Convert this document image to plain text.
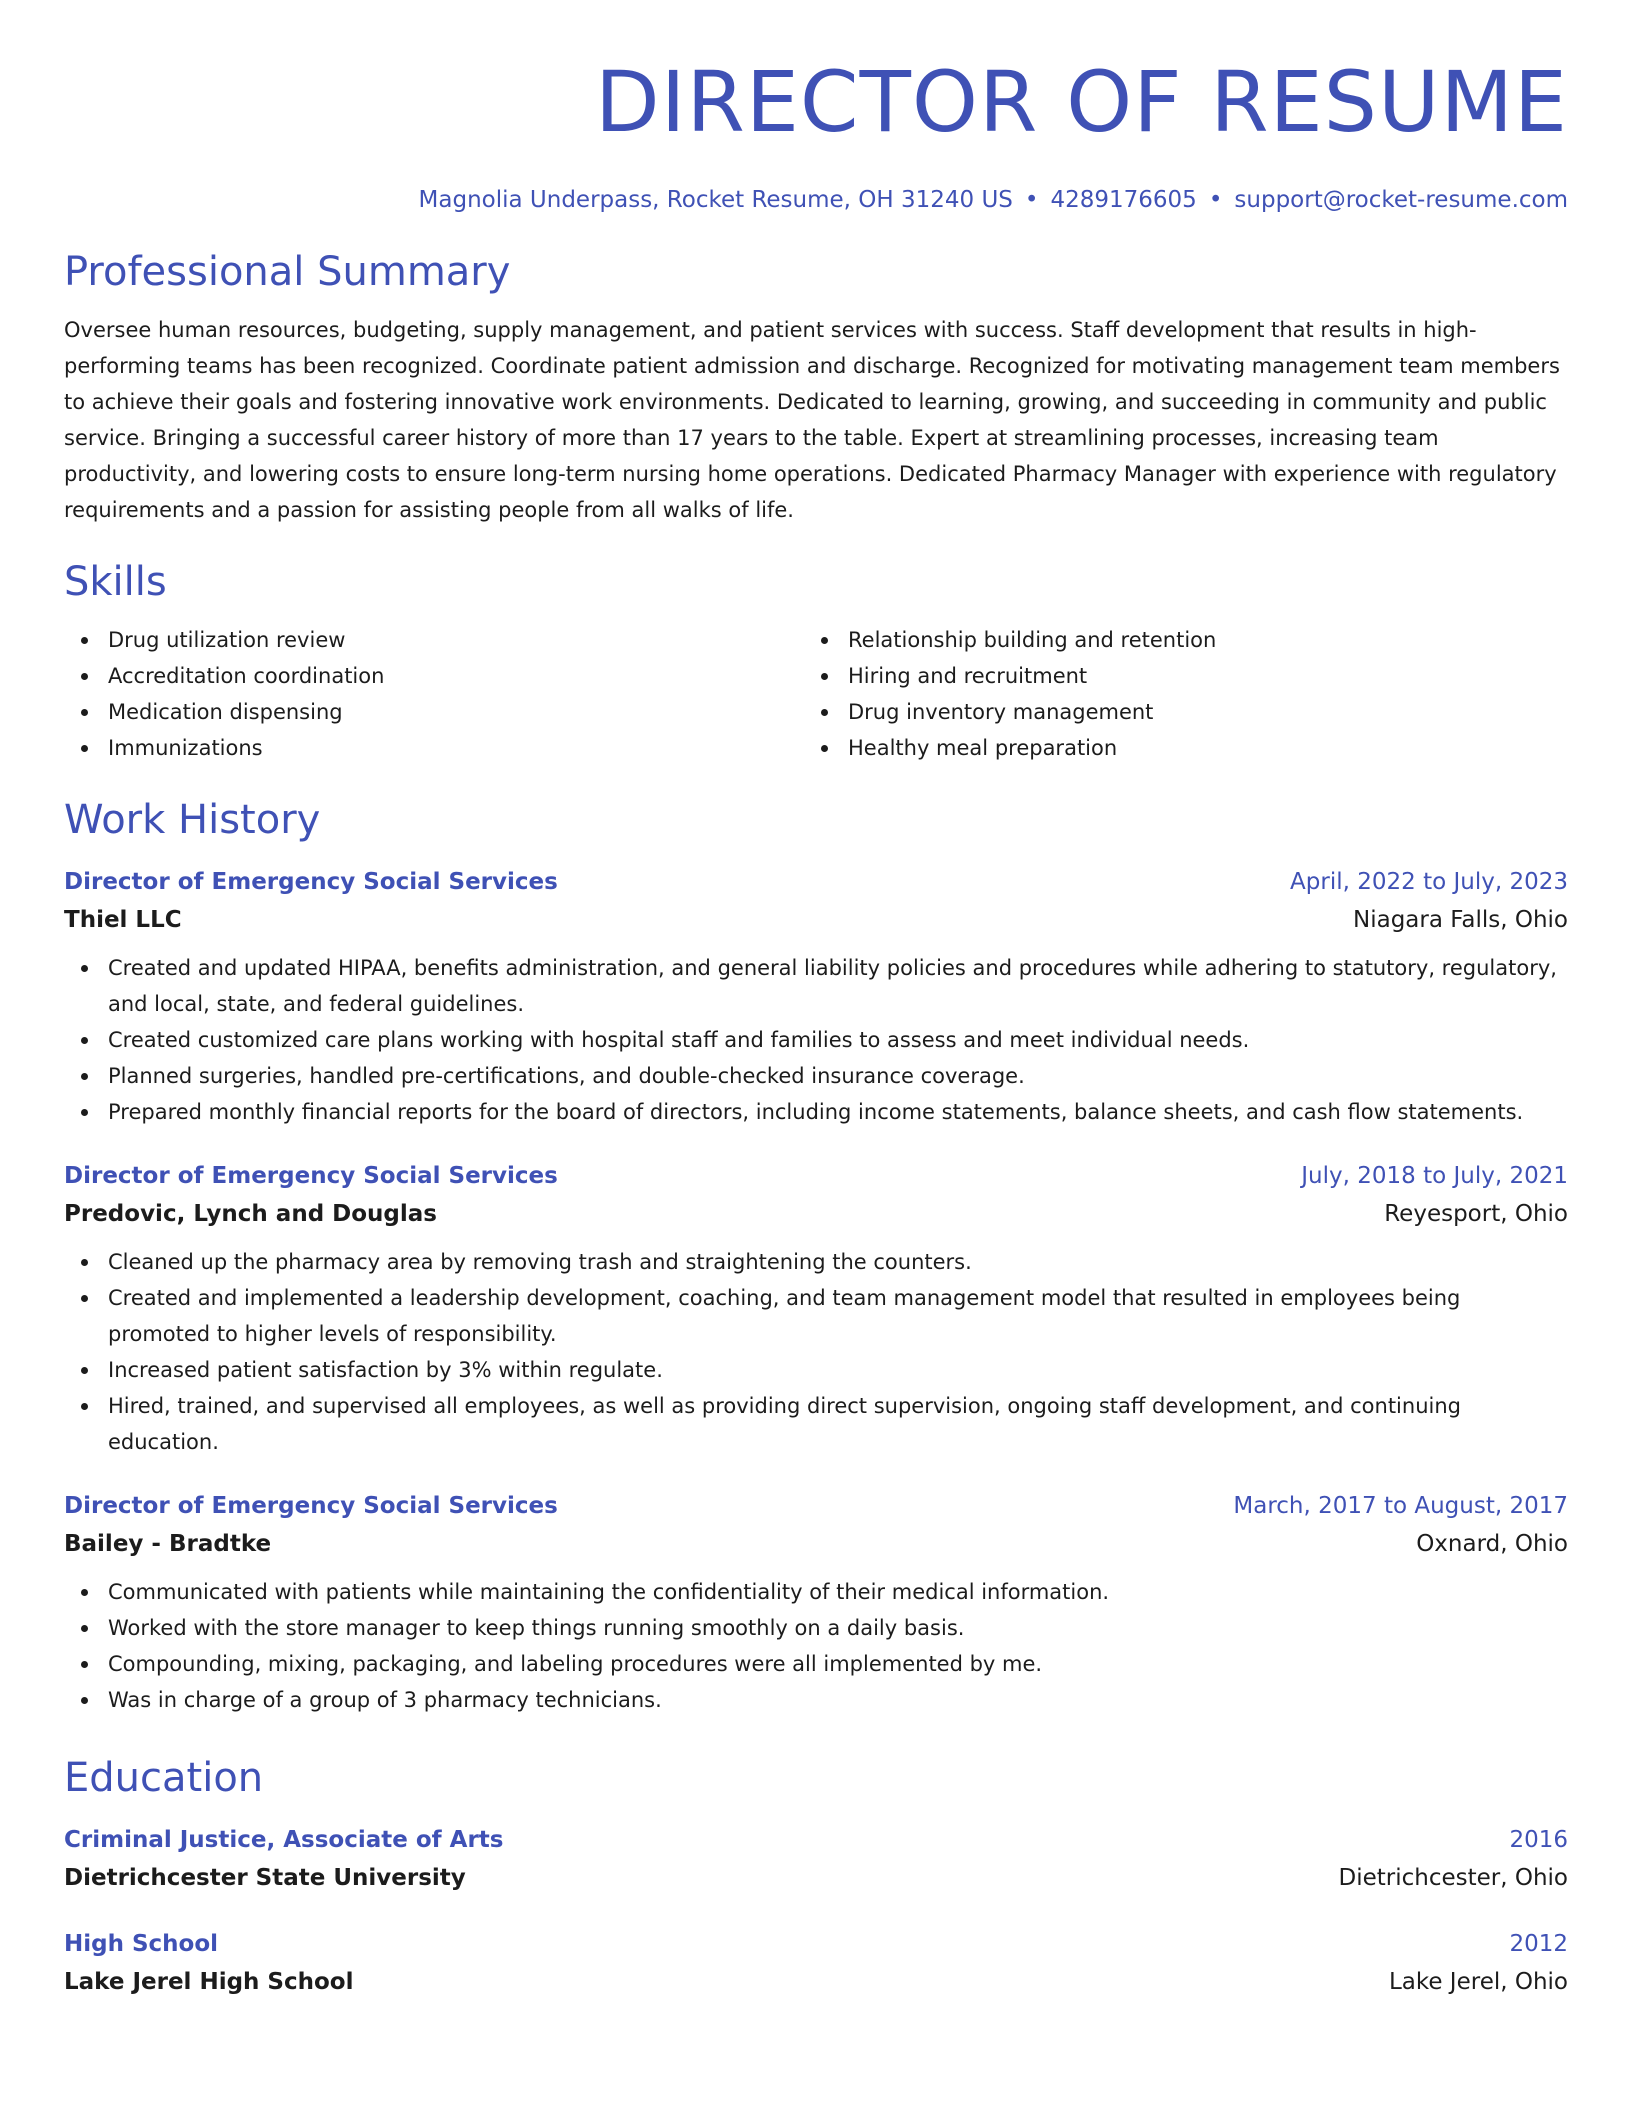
DIRECTOR OF RESUME
Magnolia Underpass, Rocket Resume, OH 31240 US • 4289176605 • support@rocket-resume.com
Professional Summary

Oversee human resources, budgeting, supply management, and patient services with success. Staff development that results in high-performing teams has been recognized. Coordinate patient admission and discharge. Recognized for motivating management team members to achieve their goals and fostering innovative work environments. Dedicated to learning, growing, and succeeding in community and public service. Bringing a successful career history of more than 17 years to the table. Expert at streamlining processes, increasing team productivity, and lowering costs to ensure long-term nursing home operations. Dedicated Pharmacy Manager with experience with regulatory requirements and a passion for assisting people from all walks of life.

Skills
Drug utilization review
Accreditation coordination
Medication dispensing
Immunizations
Relationship building and retention
Hiring and recruitment
Drug inventory management
Healthy meal preparation
Work History
Director of Emergency Social Services	April, 2022 to July, 2023
Thiel LLC	Niagara Falls, Ohio
Created and updated HIPAA, benefits administration, and general liability policies and procedures while adhering to statutory, regulatory, and local, state, and federal guidelines.
Created customized care plans working with hospital staff and families to assess and meet individual needs.
Planned surgeries, handled pre-certifications, and double-checked insurance coverage.
Prepared monthly financial reports for the board of directors, including income statements, balance sheets, and cash flow statements.
Director of Emergency Social Services	July, 2018 to July, 2021
Predovic, Lynch and Douglas	Reyesport, Ohio
Cleaned up the pharmacy area by removing trash and straightening the counters.
Created and implemented a leadership development, coaching, and team management model that resulted in employees being promoted to higher levels of responsibility.
Increased patient satisfaction by 3% within regulate.
Hired, trained, and supervised all employees, as well as providing direct supervision, ongoing staff development, and continuing education.
Director of Emergency Social Services	March, 2017 to August, 2017
Bailey - Bradtke	Oxnard, Ohio
Communicated with patients while maintaining the confidentiality of their medical information.
Worked with the store manager to keep things running smoothly on a daily basis.
Compounding, mixing, packaging, and labeling procedures were all implemented by me.
Was in charge of a group of 3 pharmacy technicians.
Education
Criminal Justice, Associate of Arts	2016
Dietrichcester State University	Dietrichcester, Ohio
High School	2012
Lake Jerel High School	Lake Jerel, Ohio
